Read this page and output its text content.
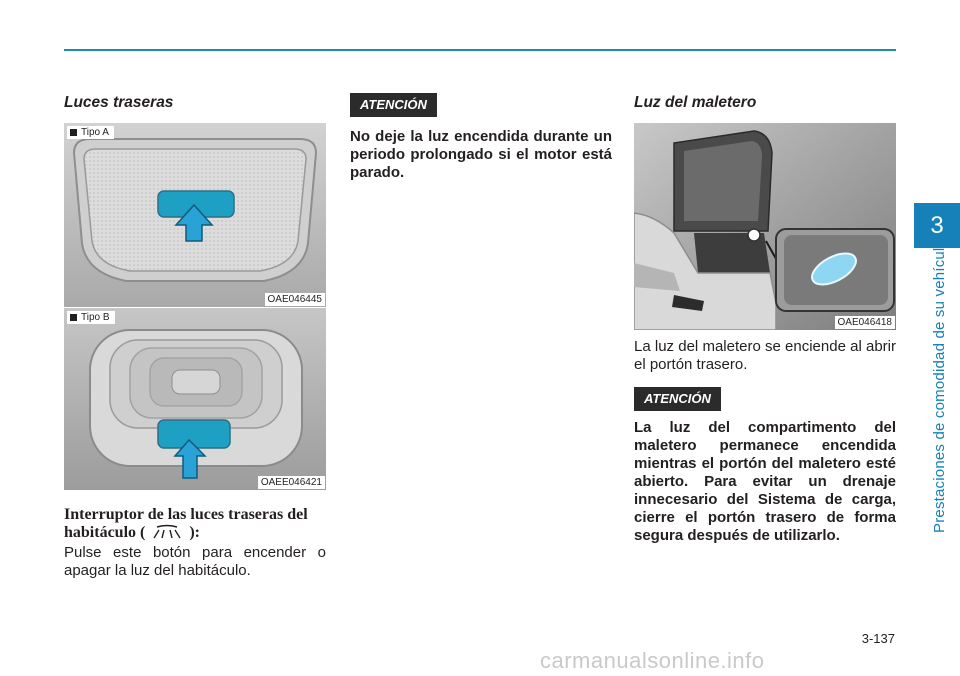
3
Prestaciones de comodidad de su vehículo
Luces traseras
Tipo A
OAE046445
Tipo B
OAEE046421
Interruptor de las luces traseras del habitáculo (	):

Pulse este botón para encender o apagar la luz del habitáculo.

ATENCIÓN

No deje la luz encendida durante un periodo prolongado si el motor está parado.

Luz del maletero
OAE046418

La luz del maletero se enciende al abrir el portón trasero.

ATENCIÓN

La luz del compartimento del maletero permanece encendida mientras el portón del maletero esté abierto. Para evitar un drenaje innecesario del Sistema de carga, cierre el portón trasero de forma segura después de utilizarlo.

3-137
carmanualsonline.info
